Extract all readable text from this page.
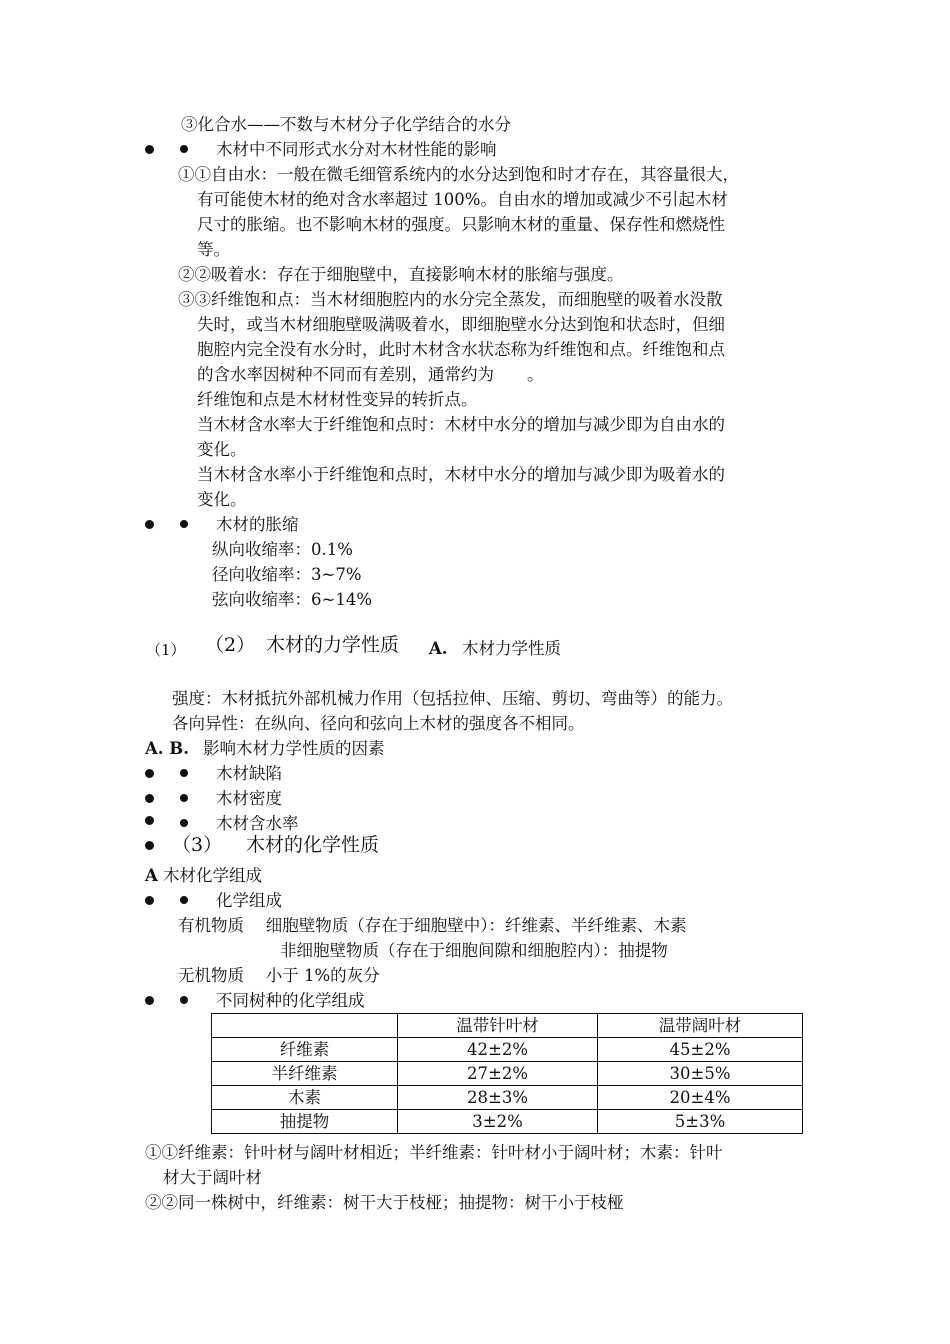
③化合水——不数与木材分子化学结合的水分
木材中不同形式水分对木材性能的影响
①①自由水：一般在微毛细管系统内的水分达到饱和时才存在，其容量很大，
有可能使木材的绝对含水率超过 100%。自由水的增加或减少不引起木材
尺寸的胀缩。也不影响木材的强度。只影响木材的重量、保存性和燃烧性
等。
②②吸着水：存在于细胞壁中，直接影响木材的胀缩与强度。
③③纤维饱和点：当木材细胞腔内的水分完全蒸发，而细胞壁的吸着水没散
失时，或当木材细胞壁吸满吸着水，即细胞壁水分达到饱和状态时，但细
胞腔内完全没有水分时，此时木材含水状态称为纤维饱和点。纤维饱和点
的含水率因树种不同而有差别，通常约为　　。
纤维饱和点是木材材性变异的转折点。
当木材含水率大于纤维饱和点时：木材中水分的增加与减少即为自由水的
变化。
当木材含水率小于纤维饱和点时，木材中水分的增加与减少即为吸着水的
变化。
木材的胀缩
纵向收缩率：0.1%
径向收缩率：3~7%
弦向收缩率：6~14%
（1） （2） 木材的力学性质 A. 木材力学性质
强度：木材抵抗外部机械力作用（包括拉伸、压缩、剪切、弯曲等）的能力。
各向异性：在纵向、径向和弦向上木材的强度各不相同。
A. B. 影响木材力学性质的因素
木材缺陷
木材密度
木材含水率
（3） 木材的化学性质
A 木材化学组成
化学组成
有机物质　 细胞壁物质（存在于细胞壁中）：纤维素、半纤维素、木素
非细胞壁物质（存在于细胞间隙和细胞腔内）：抽提物
无机物质　 小于 1%的灰分
不同树种的化学组成
	温带针叶材	温带阔叶材
纤维素	42±2%	45±2%
半纤维素	27±2%	30±5%
木素	28±3%	20±4%
抽提物	3±2%	5±3%
①①纤维素：针叶材与阔叶材相近；半纤维素：针叶材小于阔叶材；木素：针叶
材大于阔叶材
②②同一株树中，纤维素：树干大于枝桠；抽提物：树干小于枝桠
